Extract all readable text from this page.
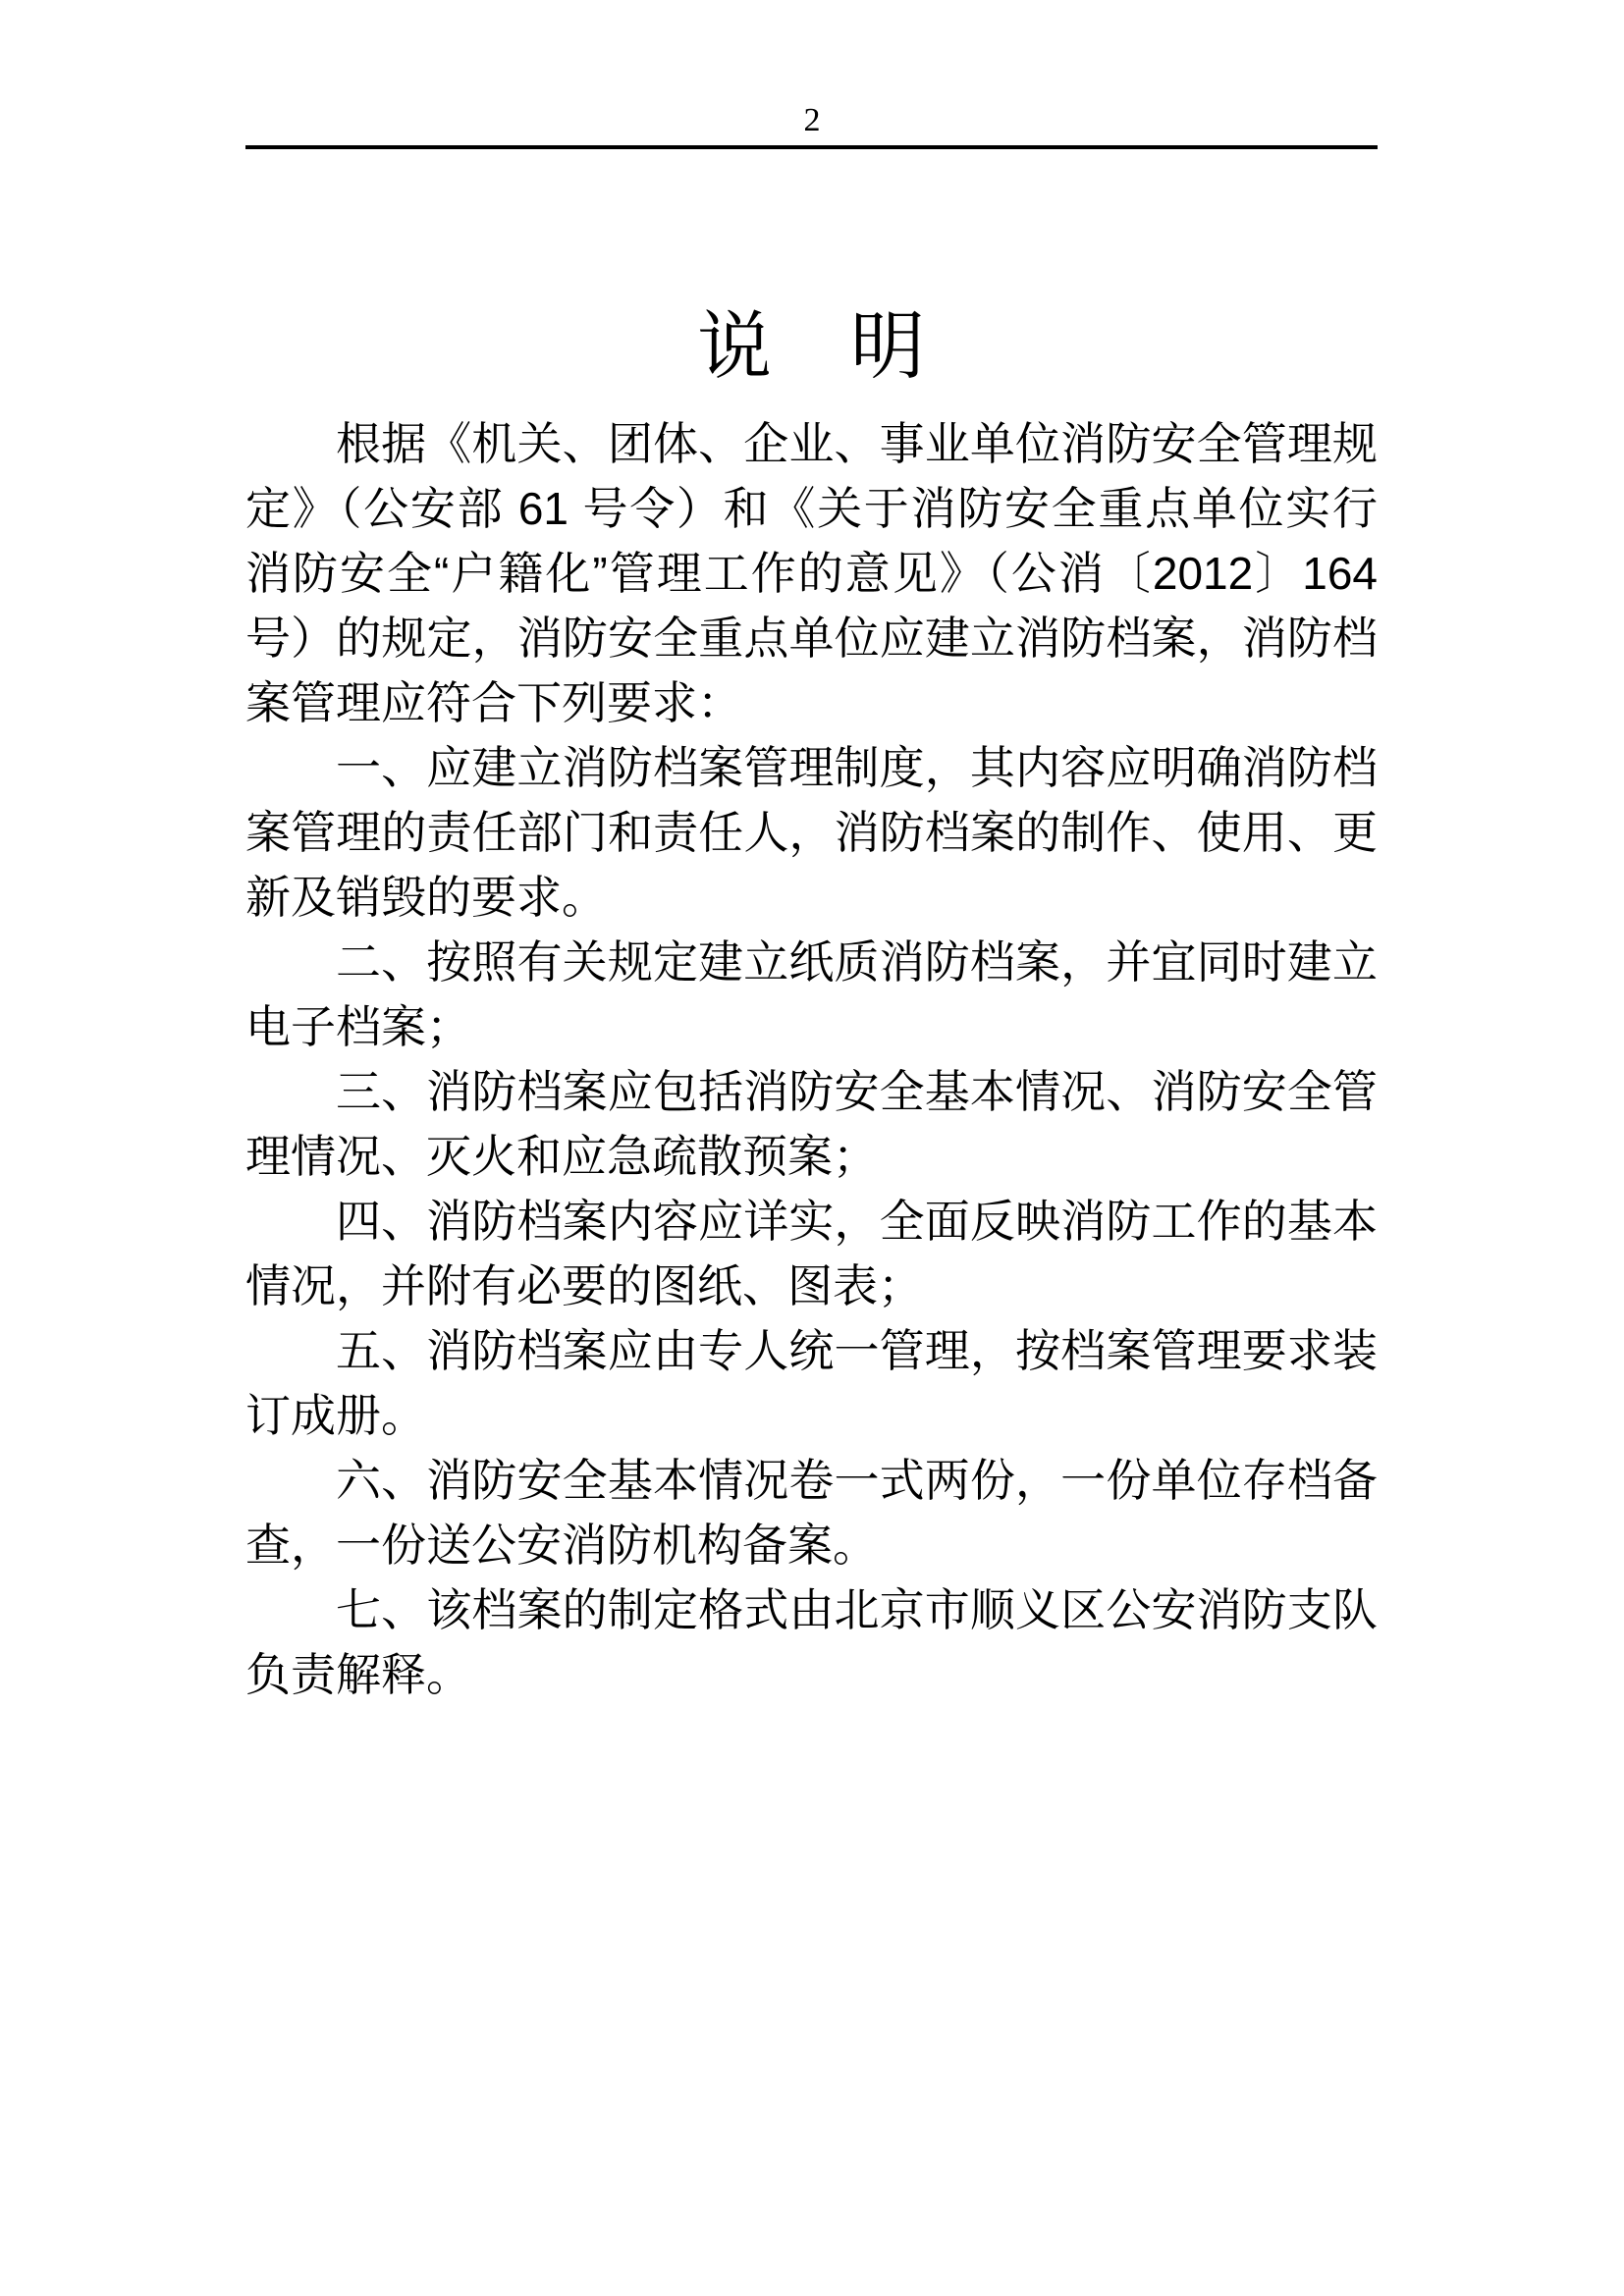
2
说　明

根据《机关、团体、企业、事业单位消防安全管理规定》（公安部 61 号令）和《关于消防安全重点单位实行消防安全“户籍化”管理工作的意见》（公消〔2012〕164 号）的规定，消防安全重点单位应建立消防档案，消防档案管理应符合下列要求：

一、应建立消防档案管理制度，其内容应明确消防档案管理的责任部门和责任人，消防档案的制作、使用、更新及销毁的要求。

二、按照有关规定建立纸质消防档案，并宜同时建立电子档案；

三、消防档案应包括消防安全基本情况、消防安全管理情况、灭火和应急疏散预案；

四、消防档案内容应详实，全面反映消防工作的基本情况，并附有必要的图纸、图表；

五、消防档案应由专人统一管理，按档案管理要求装订成册。

六、消防安全基本情况卷一式两份，一份单位存档备查，一份送公安消防机构备案。

七、该档案的制定格式由北京市顺义区公安消防支队负责解释。
